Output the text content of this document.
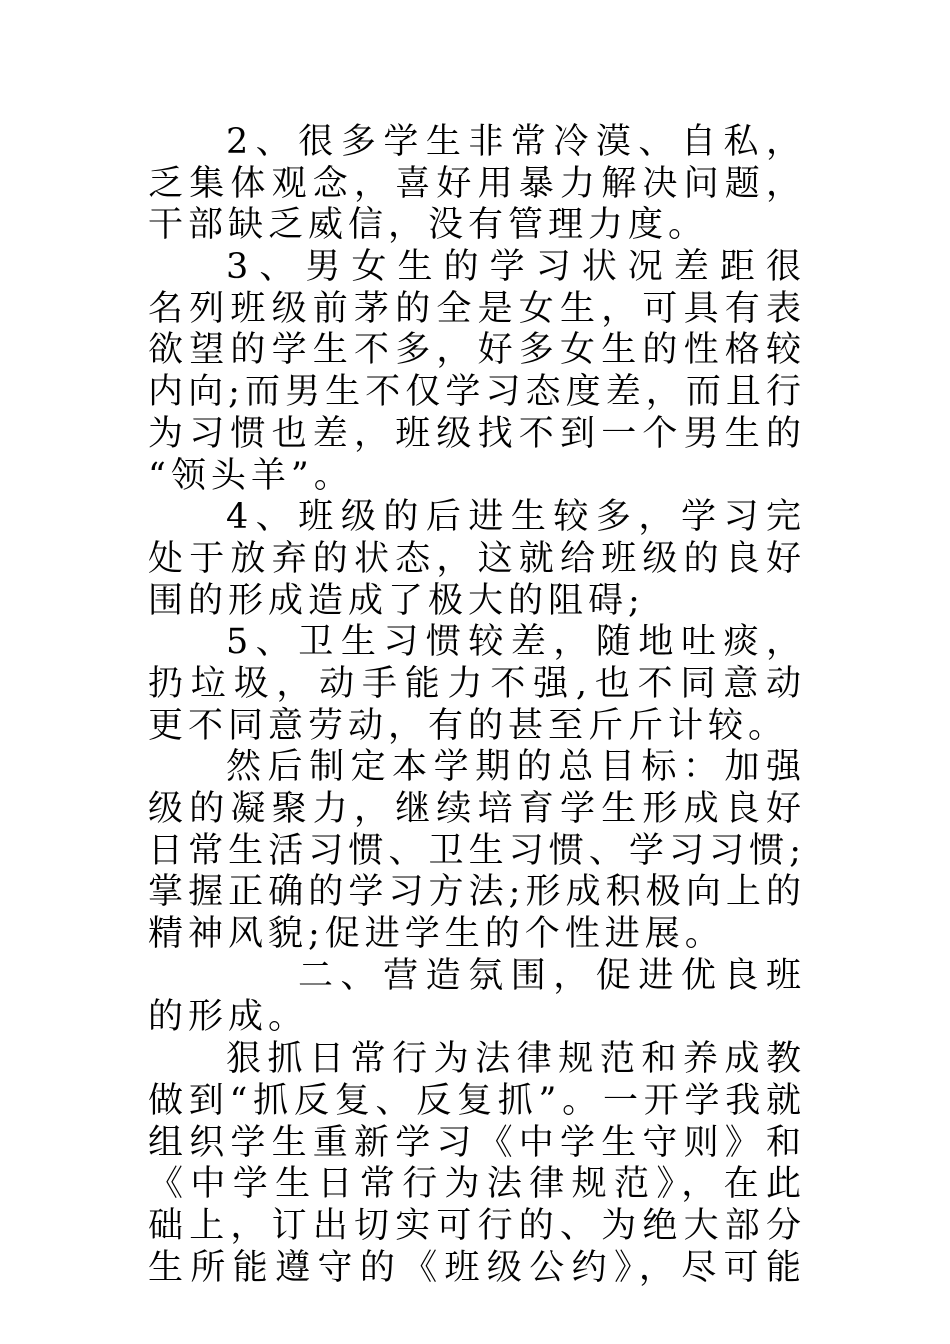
2、很多学生非常冷漠、自私，
乏集体观念，喜好用暴力解决问题，
干部缺乏威信，没有管理力度。
3、男女生的学习状况差距很
名列班级前茅的全是女生，可具有表
欲望的学生不多，好多女生的性格较
内向;而男生不仅学习态度差，而且行
为习惯也差，班级找不到一个男生的
“领头羊”。
4、班级的后进生较多，学习完
处于放弃的状态，这就给班级的良好
围的形成造成了极大的阻碍;
5、卫生习惯较差，随地吐痰，
扔垃圾，动手能力不强,也不同意动
更不同意劳动，有的甚至斤斤计较。
然后制定本学期的总目标：加强
级的凝聚力，继续培育学生形成良好
日常生活习惯、卫生习惯、学习习惯;
掌握正确的学习方法;形成积极向上的
精神风貌;促进学生的个性进展。
二、营造氛围，促进优良班
的形成。
狠抓日常行为法律规范和养成教
做到“抓反复、反复抓”。一开学我就
组织学生重新学习《中学生守则》和
《中学生日常行为法律规范》，在此
础上，订出切实可行的、为绝大部分
生所能遵守的《班级公约》，尽可能
